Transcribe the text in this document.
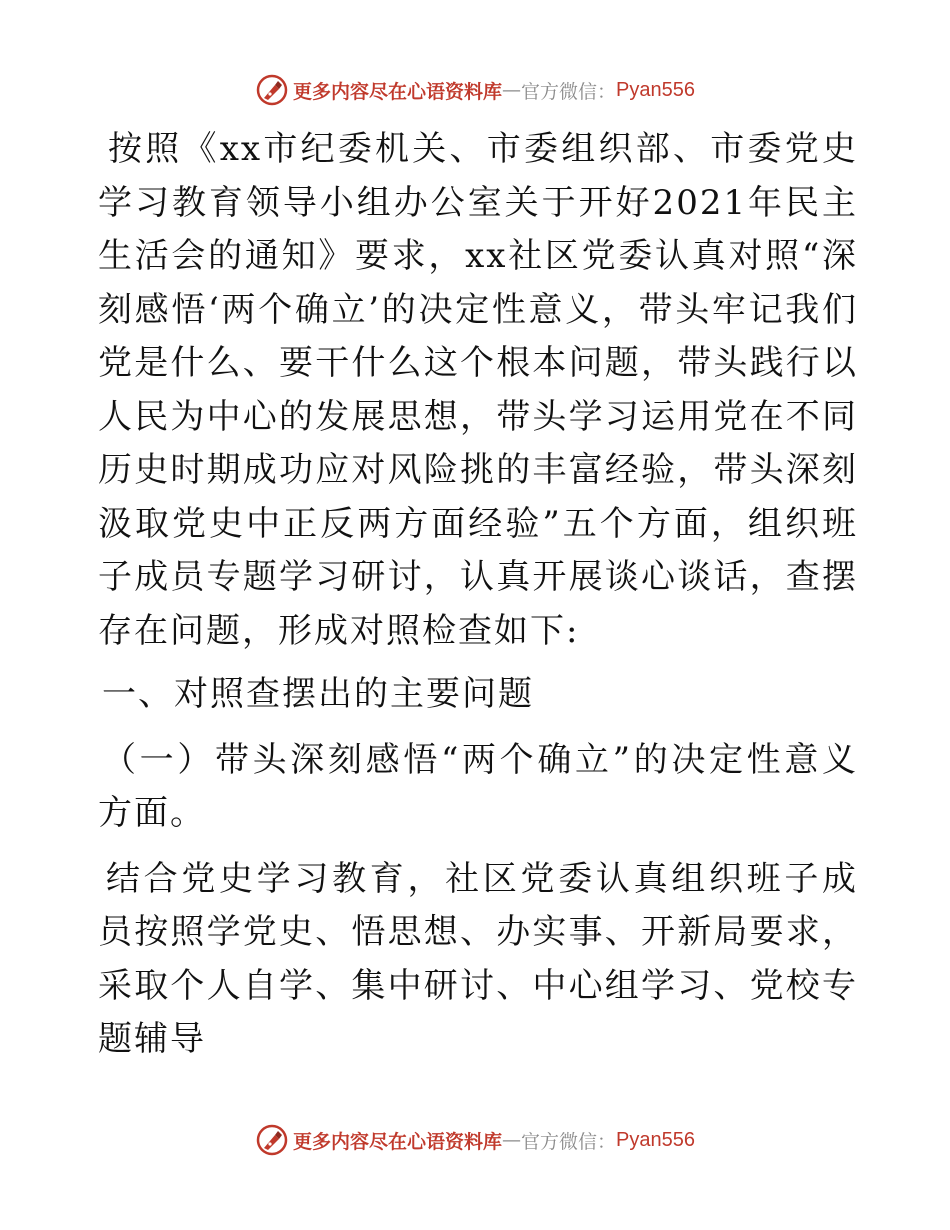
更多内容尽在心语资料库 — 官方微信： Pyan556

按照《xx市纪委机关、市委组织部、市委党史学习教育领导小组办公室关于开好2021年民主生活会的通知》要求，xx社区党委认真对照“深刻感悟‘两个确立’的决定性意义，带头牢记我们党是什么、要干什么这个根本问题，带头践行以人民为中心的发展思想，带头学习运用党在不同历史时期成功应对风险挑的丰富经验，带头深刻汲取党史中正反两方面经验”五个方面，组织班子成员专题学习研讨，认真开展谈心谈话，查摆存在问题，形成对照检查如下:

一、对照查摆出的主要问题

（一）带头深刻感悟“两个确立”的决定性意义方面。

结合党史学习教育，社区党委认真组织班子成员按照学党史、悟思想、办实事、开新局要求，采取个人自学、集中研讨、中心组学习、党校专题辅导

更多内容尽在心语资料库 — 官方微信： Pyan556
